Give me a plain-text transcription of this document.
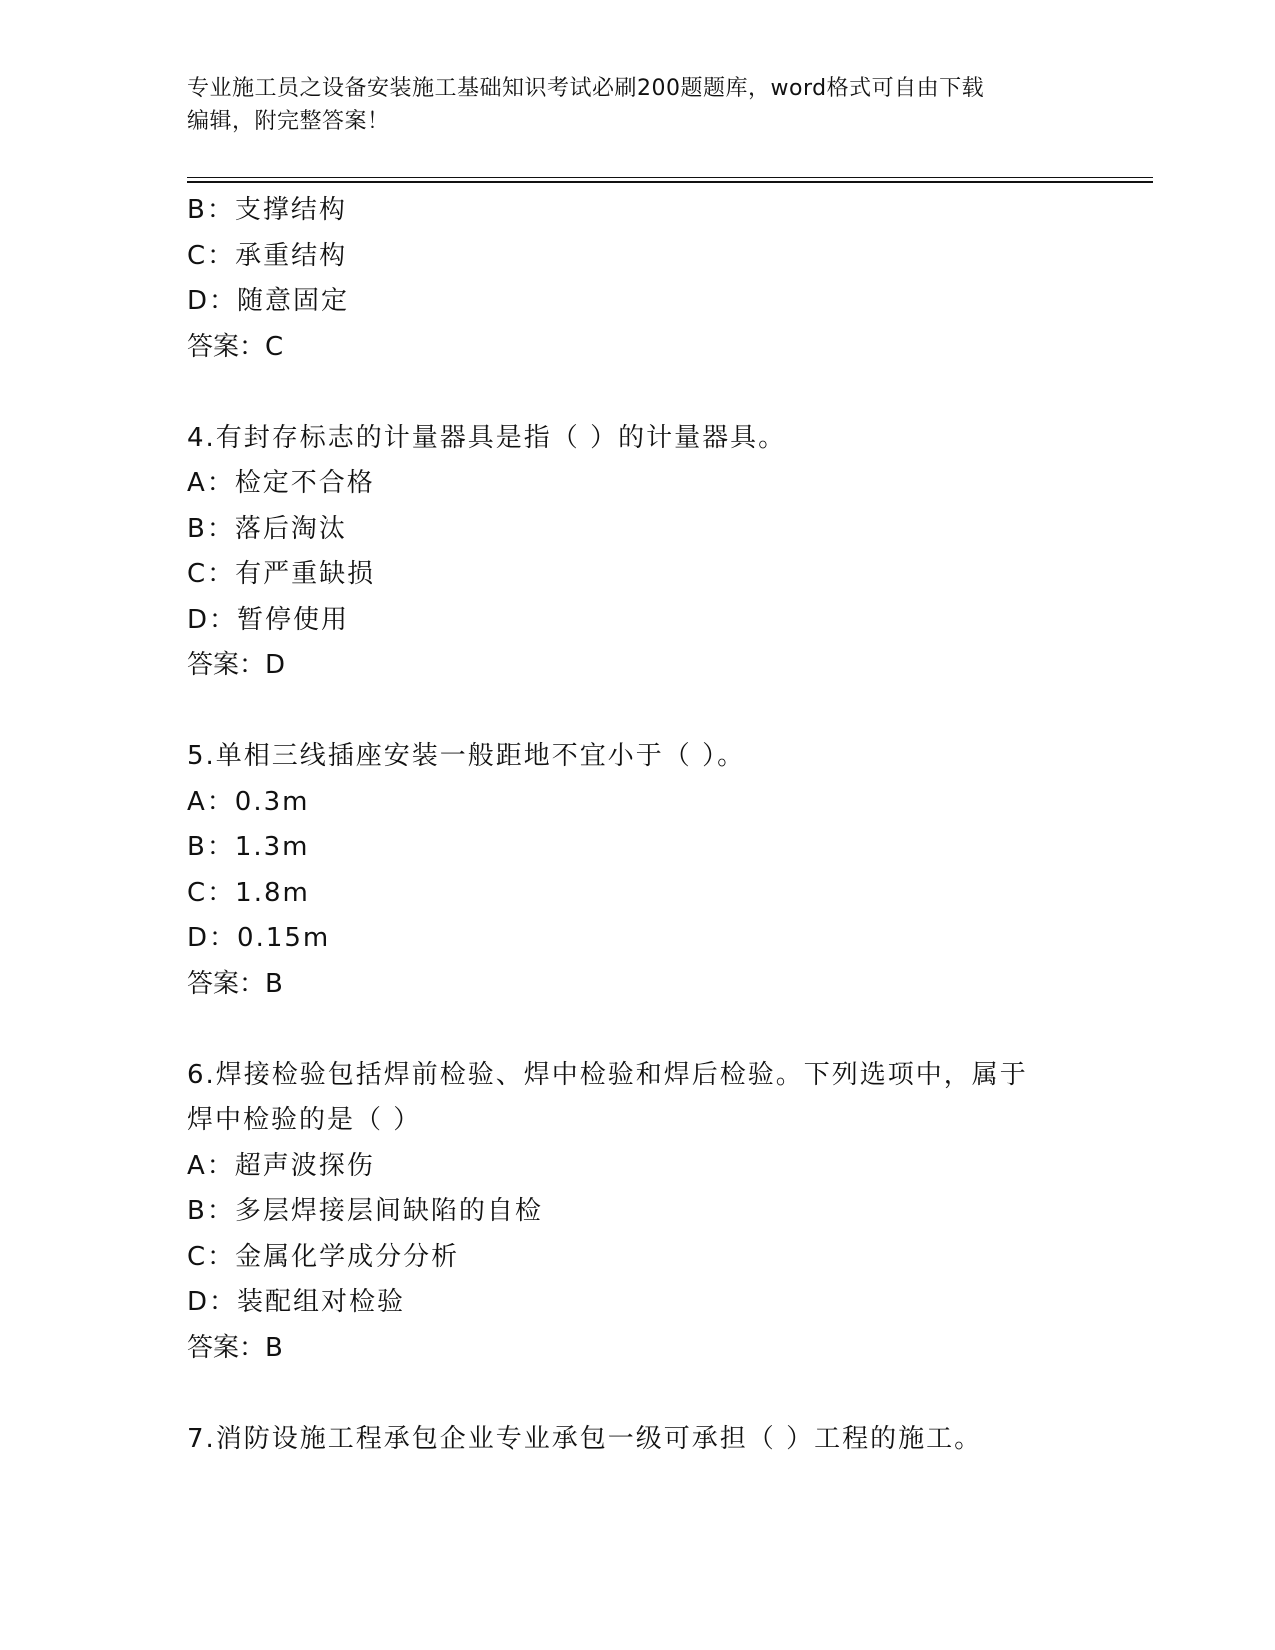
专业施工员之设备安装施工基础知识考试必刷200题题库，word格式可自由下载
编辑，附完整答案！
B：支撑结构
C：承重结构
D：随意固定
答案：C
4.有封存标志的计量器具是指（ ）的计量器具。
A：检定不合格
B：落后淘汰
C：有严重缺损
D：暂停使用
答案：D
5.单相三线插座安装一般距地不宜小于（ ）。
A：0.3m
B：1.3m
C：1.8m
D：0.15m
答案：B
6.焊接检验包括焊前检验、焊中检验和焊后检验。下列选项中，属于
焊中检验的是（ ）
A：超声波探伤
B：多层焊接层间缺陷的自检
C：金属化学成分分析
D：装配组对检验
答案：B
7.消防设施工程承包企业专业承包一级可承担（ ）工程的施工。
